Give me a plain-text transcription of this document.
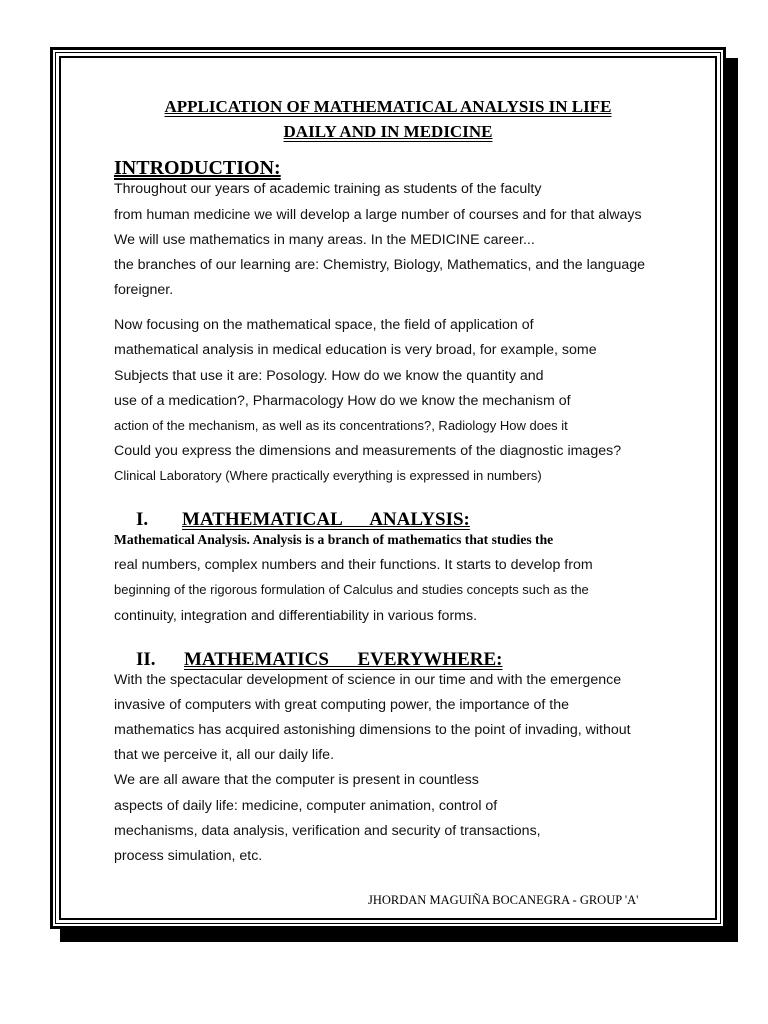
APPLICATION OF MATHEMATICAL ANALYSIS IN LIFE
DAILY AND IN MEDICINE
INTRODUCTION:
Throughout our years of academic training as students of the faculty
from human medicine we will develop a large number of courses and for that always
We will use mathematics in many areas. In the MEDICINE career...
the branches of our learning are: Chemistry, Biology, Mathematics, and the language
foreigner.
Now focusing on the mathematical space, the field of application of
mathematical analysis in medical education is very broad, for example, some
Subjects that use it are: Posology. How do we know the quantity and
use of a medication?, Pharmacology How do we know the mechanism of
action of the mechanism, as well as its concentrations?, Radiology How does it
Could you express the dimensions and measurements of the diagnostic images?
Clinical Laboratory (Where practically everything is expressed in numbers)
I. MATHEMATICAL      ANALYSIS:
Mathematical Analysis. Analysis is a branch of mathematics that studies the
real numbers, complex numbers and their functions. It starts to develop from
beginning of the rigorous formulation of Calculus and studies concepts such as the
continuity, integration and differentiability in various forms.
II. MATHEMATICS      EVERYWHERE:
With the spectacular development of science in our time and with the emergence
invasive of computers with great computing power, the importance of the
mathematics has acquired astonishing dimensions to the point of invading, without
that we perceive it, all our daily life.
We are all aware that the computer is present in countless
aspects of daily life: medicine, computer animation, control of
mechanisms, data analysis, verification and security of transactions,
process simulation, etc.
JHORDAN MAGUIÑA BOCANEGRA - GROUP 'A'
